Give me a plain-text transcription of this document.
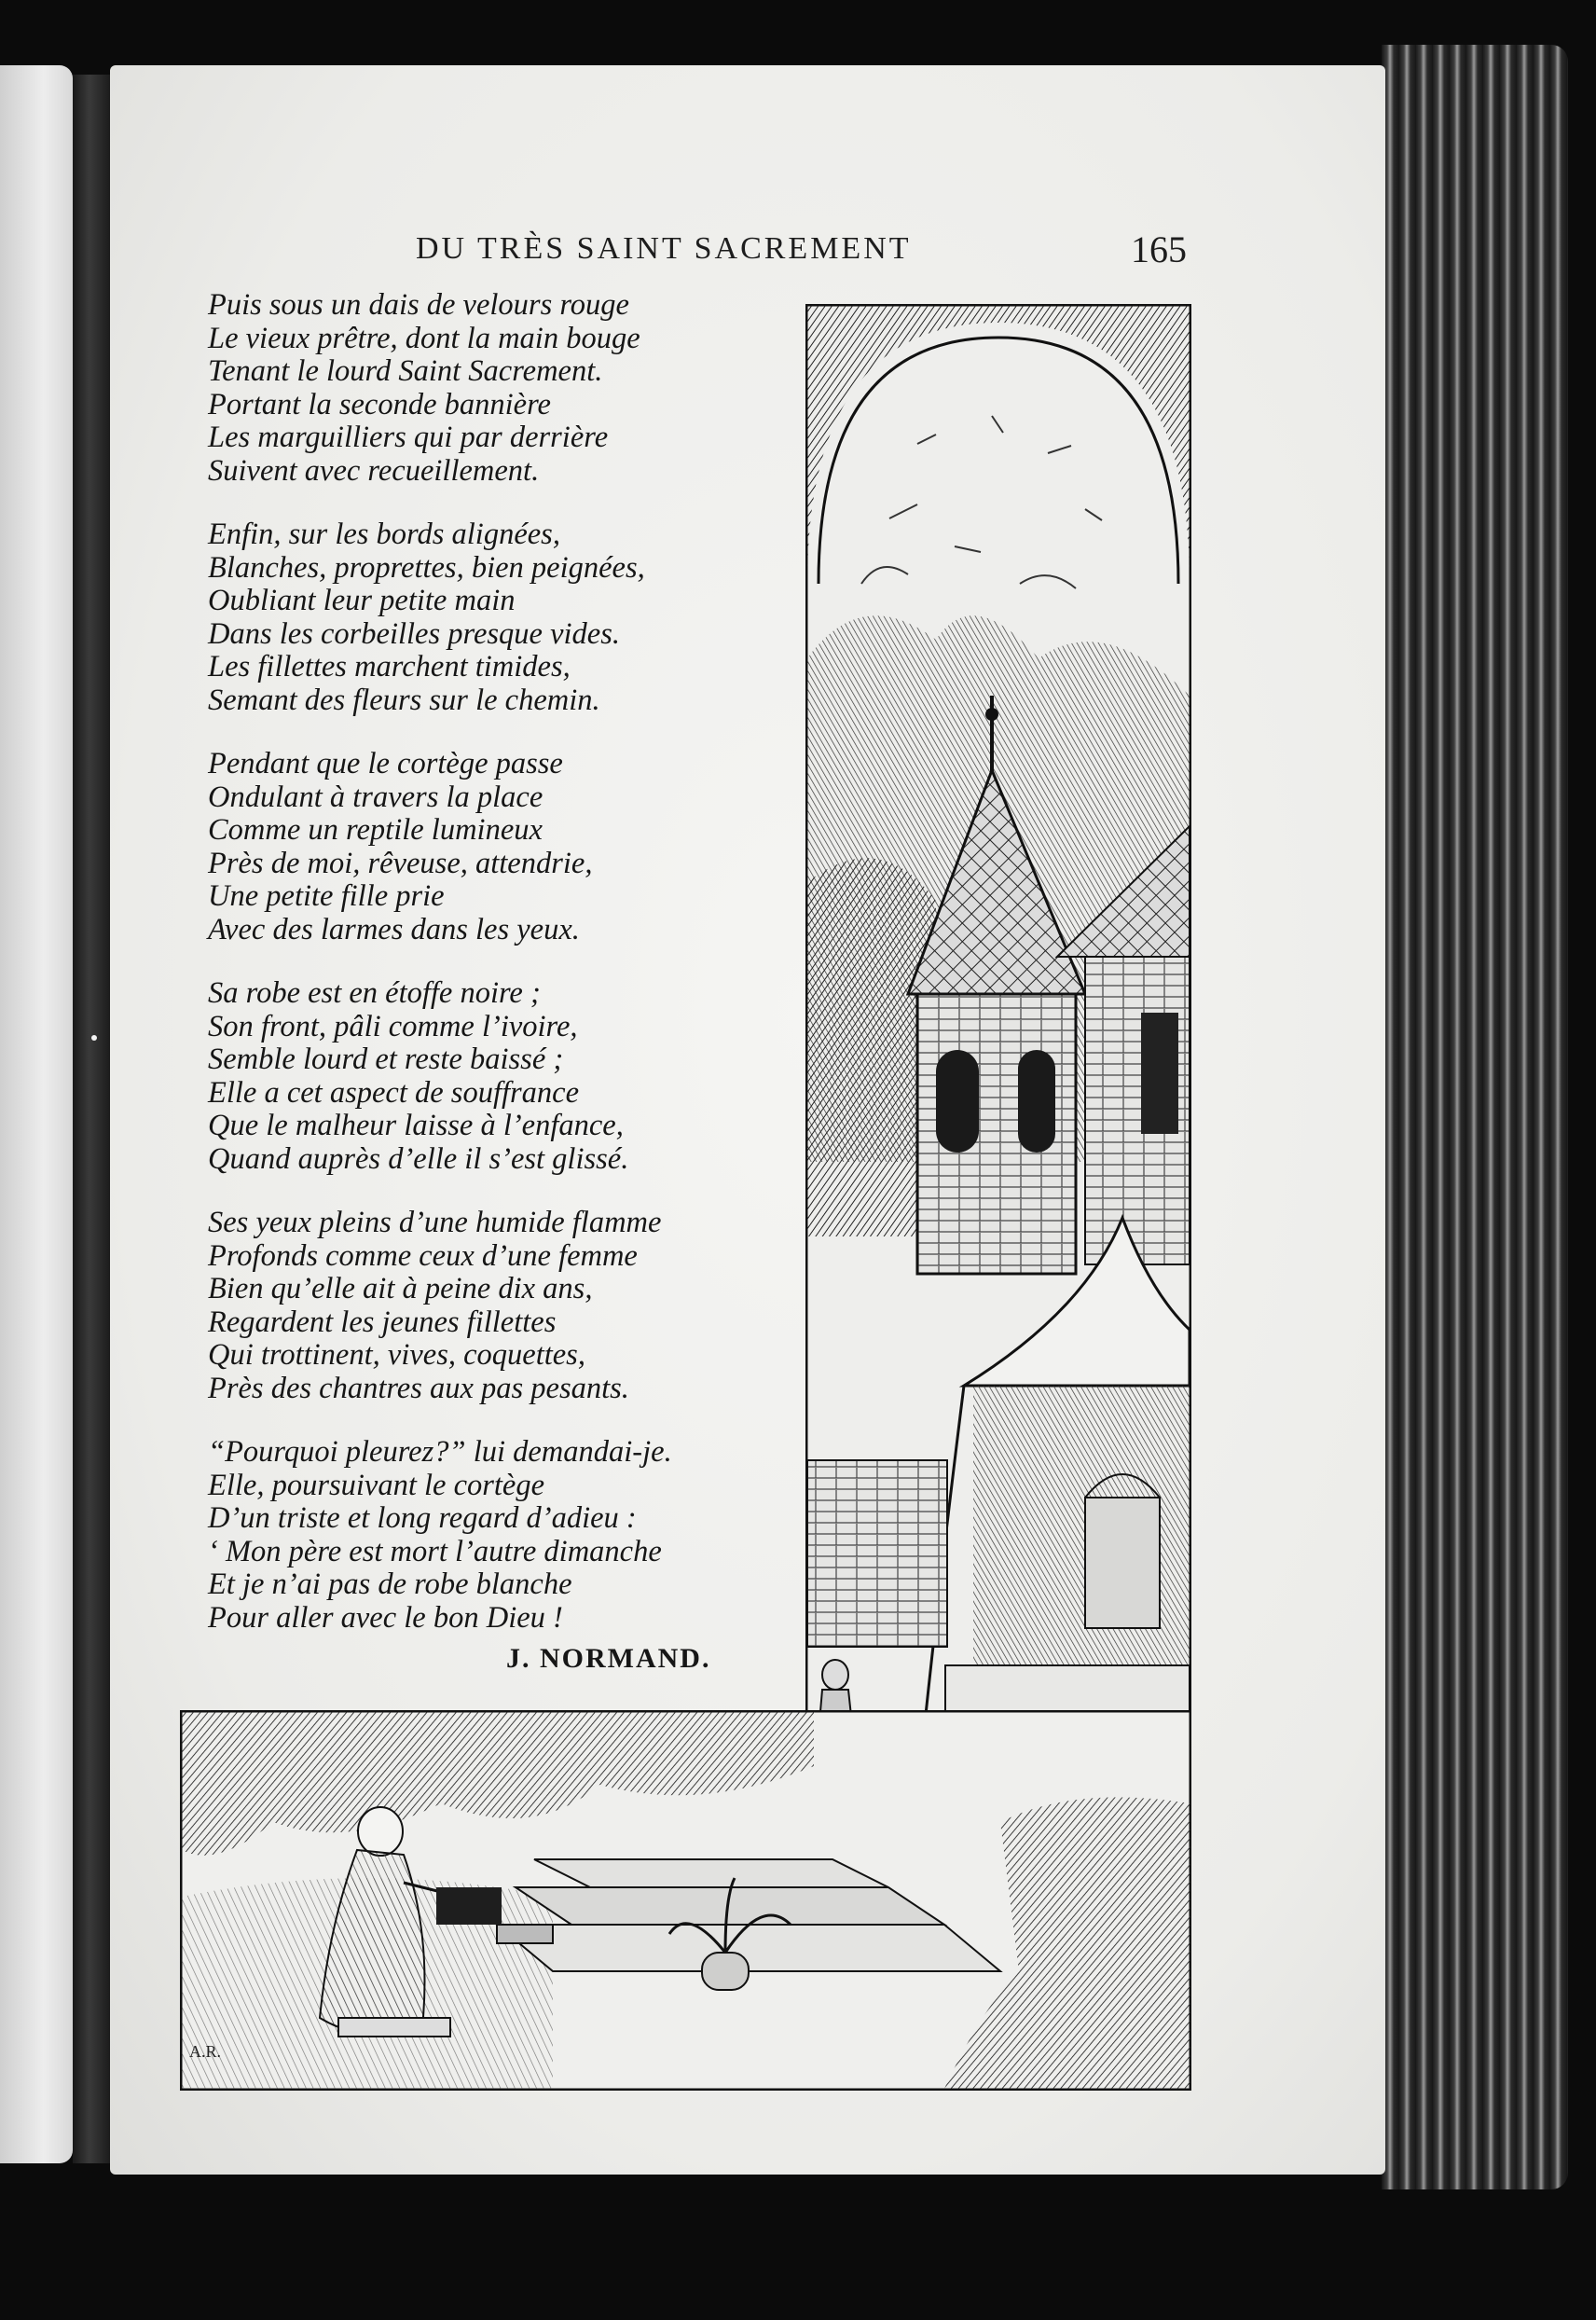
DU TRÈS SAINT SACREMENT	165
Puis sous un dais de velours rouge
Le vieux prêtre, dont la main bouge
Tenant le lourd Saint Sacrement.
Portant la seconde bannière
Les marguilliers qui par derrière
Suivent avec recueillement.
Enfin, sur les bords alignées,
Blanches, proprettes, bien peignées,
Oubliant leur petite main
Dans les corbeilles presque vides.
Les fillettes marchent timides,
Semant des fleurs sur le chemin.
Pendant que le cortège passe
Ondulant à travers la place
Comme un reptile lumineux
Près de moi, rêveuse, attendrie,
Une petite fille prie
Avec des larmes dans les yeux.
Sa robe est en étoffe noire ;
Son front, pâli comme l’ivoire,
Semble lourd et reste baissé ;
Elle a cet aspect de souffrance
Que le malheur laisse à l’enfance,
Quand auprès d’elle il s’est glissé.
Ses yeux pleins d’une humide flamme
Profonds comme ceux d’une femme
Bien qu’elle ait à peine dix ans,
Regardent les jeunes fillettes
Qui trottinent, vives, coquettes,
Près des chantres aux pas pesants.
“Pourquoi pleurez?” lui demandai-je.
Elle, poursuivant le cortège
D’un triste et long regard d’adieu :
‘ Mon père est mort l’autre dimanche
Et je n’ai pas de robe blanche
Pour aller avec le bon Dieu !
J. NORMAND.
A.R.
